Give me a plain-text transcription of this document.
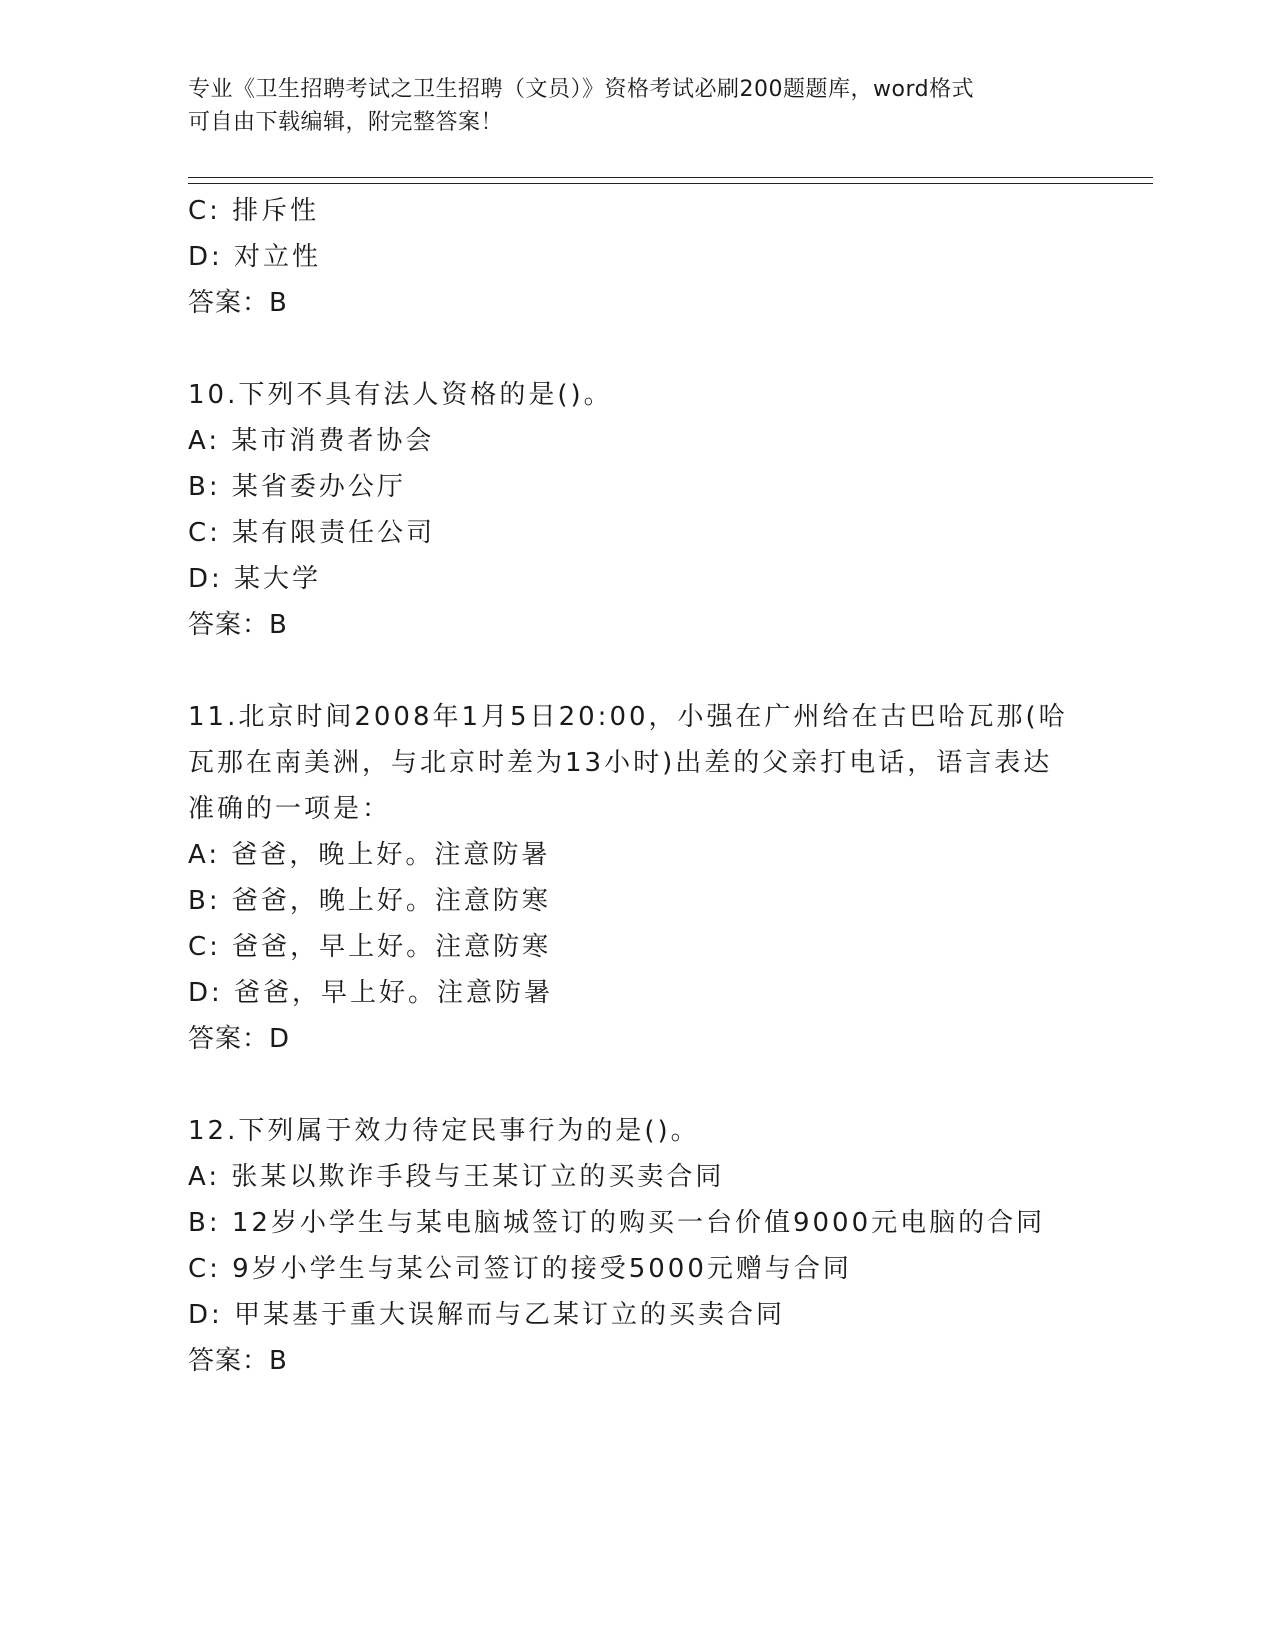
专业《卫生招聘考试之卫生招聘（文员）》资格考试必刷200题题库，word格式
可自由下载编辑，附完整答案！
C: 排斥性
D: 对立性
答案：B
10.下列不具有法人资格的是()。
A: 某市消费者协会
B: 某省委办公厅
C: 某有限责任公司
D: 某大学
答案：B
11.北京时间2008年1月5日20:00，小强在广州给在古巴哈瓦那(哈
瓦那在南美洲，与北京时差为13小时)出差的父亲打电话，语言表达
准确的一项是：
A: 爸爸，晚上好。注意防暑
B: 爸爸，晚上好。注意防寒
C: 爸爸，早上好。注意防寒
D: 爸爸，早上好。注意防暑
答案：D
12.下列属于效力待定民事行为的是()。
A: 张某以欺诈手段与王某订立的买卖合同
B: 12岁小学生与某电脑城签订的购买一台价值9000元电脑的合同
C: 9岁小学生与某公司签订的接受5000元赠与合同
D: 甲某基于重大误解而与乙某订立的买卖合同
答案：B
